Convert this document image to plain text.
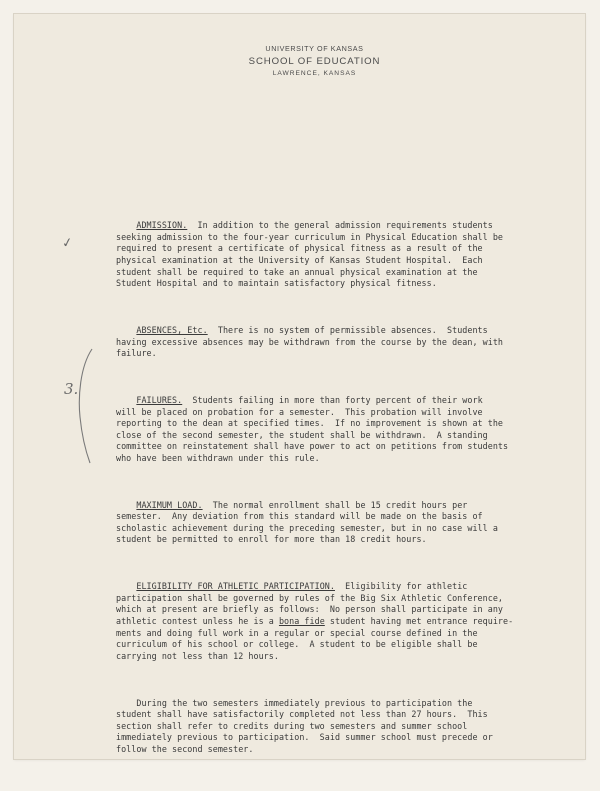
UNIVERSITY OF KANSAS
SCHOOL OF EDUCATION
LAWRENCE, KANSAS
✓
3.

ADMISSION. In addition to the general admission requirements students
seeking admission to the four-year curriculum in Physical Education shall be
required to present a certificate of physical fitness as a result of the
physical examination at the University of Kansas Student Hospital.  Each
student shall be required to take an annual physical examination at the
Student Hospital and to maintain satisfactory physical fitness.

ABSENCES, Etc. There is no system of permissible absences.  Students
having excessive absences may be withdrawn from the course by the dean, with
failure.

FAILURES. Students failing in more than forty percent of their work
will be placed on probation for a semester.  This probation will involve
reporting to the dean at specified times.  If no improvement is shown at the
close of the second semester, the student shall be withdrawn.  A standing
committee on reinstatement shall have power to act on petitions from students
who have been withdrawn under this rule.

MAXIMUM LOAD. The normal enrollment shall be 15 credit hours per
semester.  Any deviation from this standard will be made on the basis of
scholastic achievement during the preceding semester, but in no case will a
student be permitted to enroll for more than 18 credit hours.

ELIGIBILITY FOR ATHLETIC PARTICIPATION. Eligibility for athletic
participation shall be governed by rules of the Big Six Athletic Conference,
which at present are briefly as follows:  No person shall participate in any
athletic contest unless he is a bona fide student having met entrance require-
ments and doing full work in a regular or special course defined in the
curriculum of his school or college.  A student to be eligible shall be
carrying not less than 12 hours.

During the two semesters immediately previous to participation the
student shall have satisfactorily completed not less than 27 hours.  This
section shall refer to credits during two semesters and summer school
immediately previous to participation.  Said summer school must precede or
follow the second semester.
